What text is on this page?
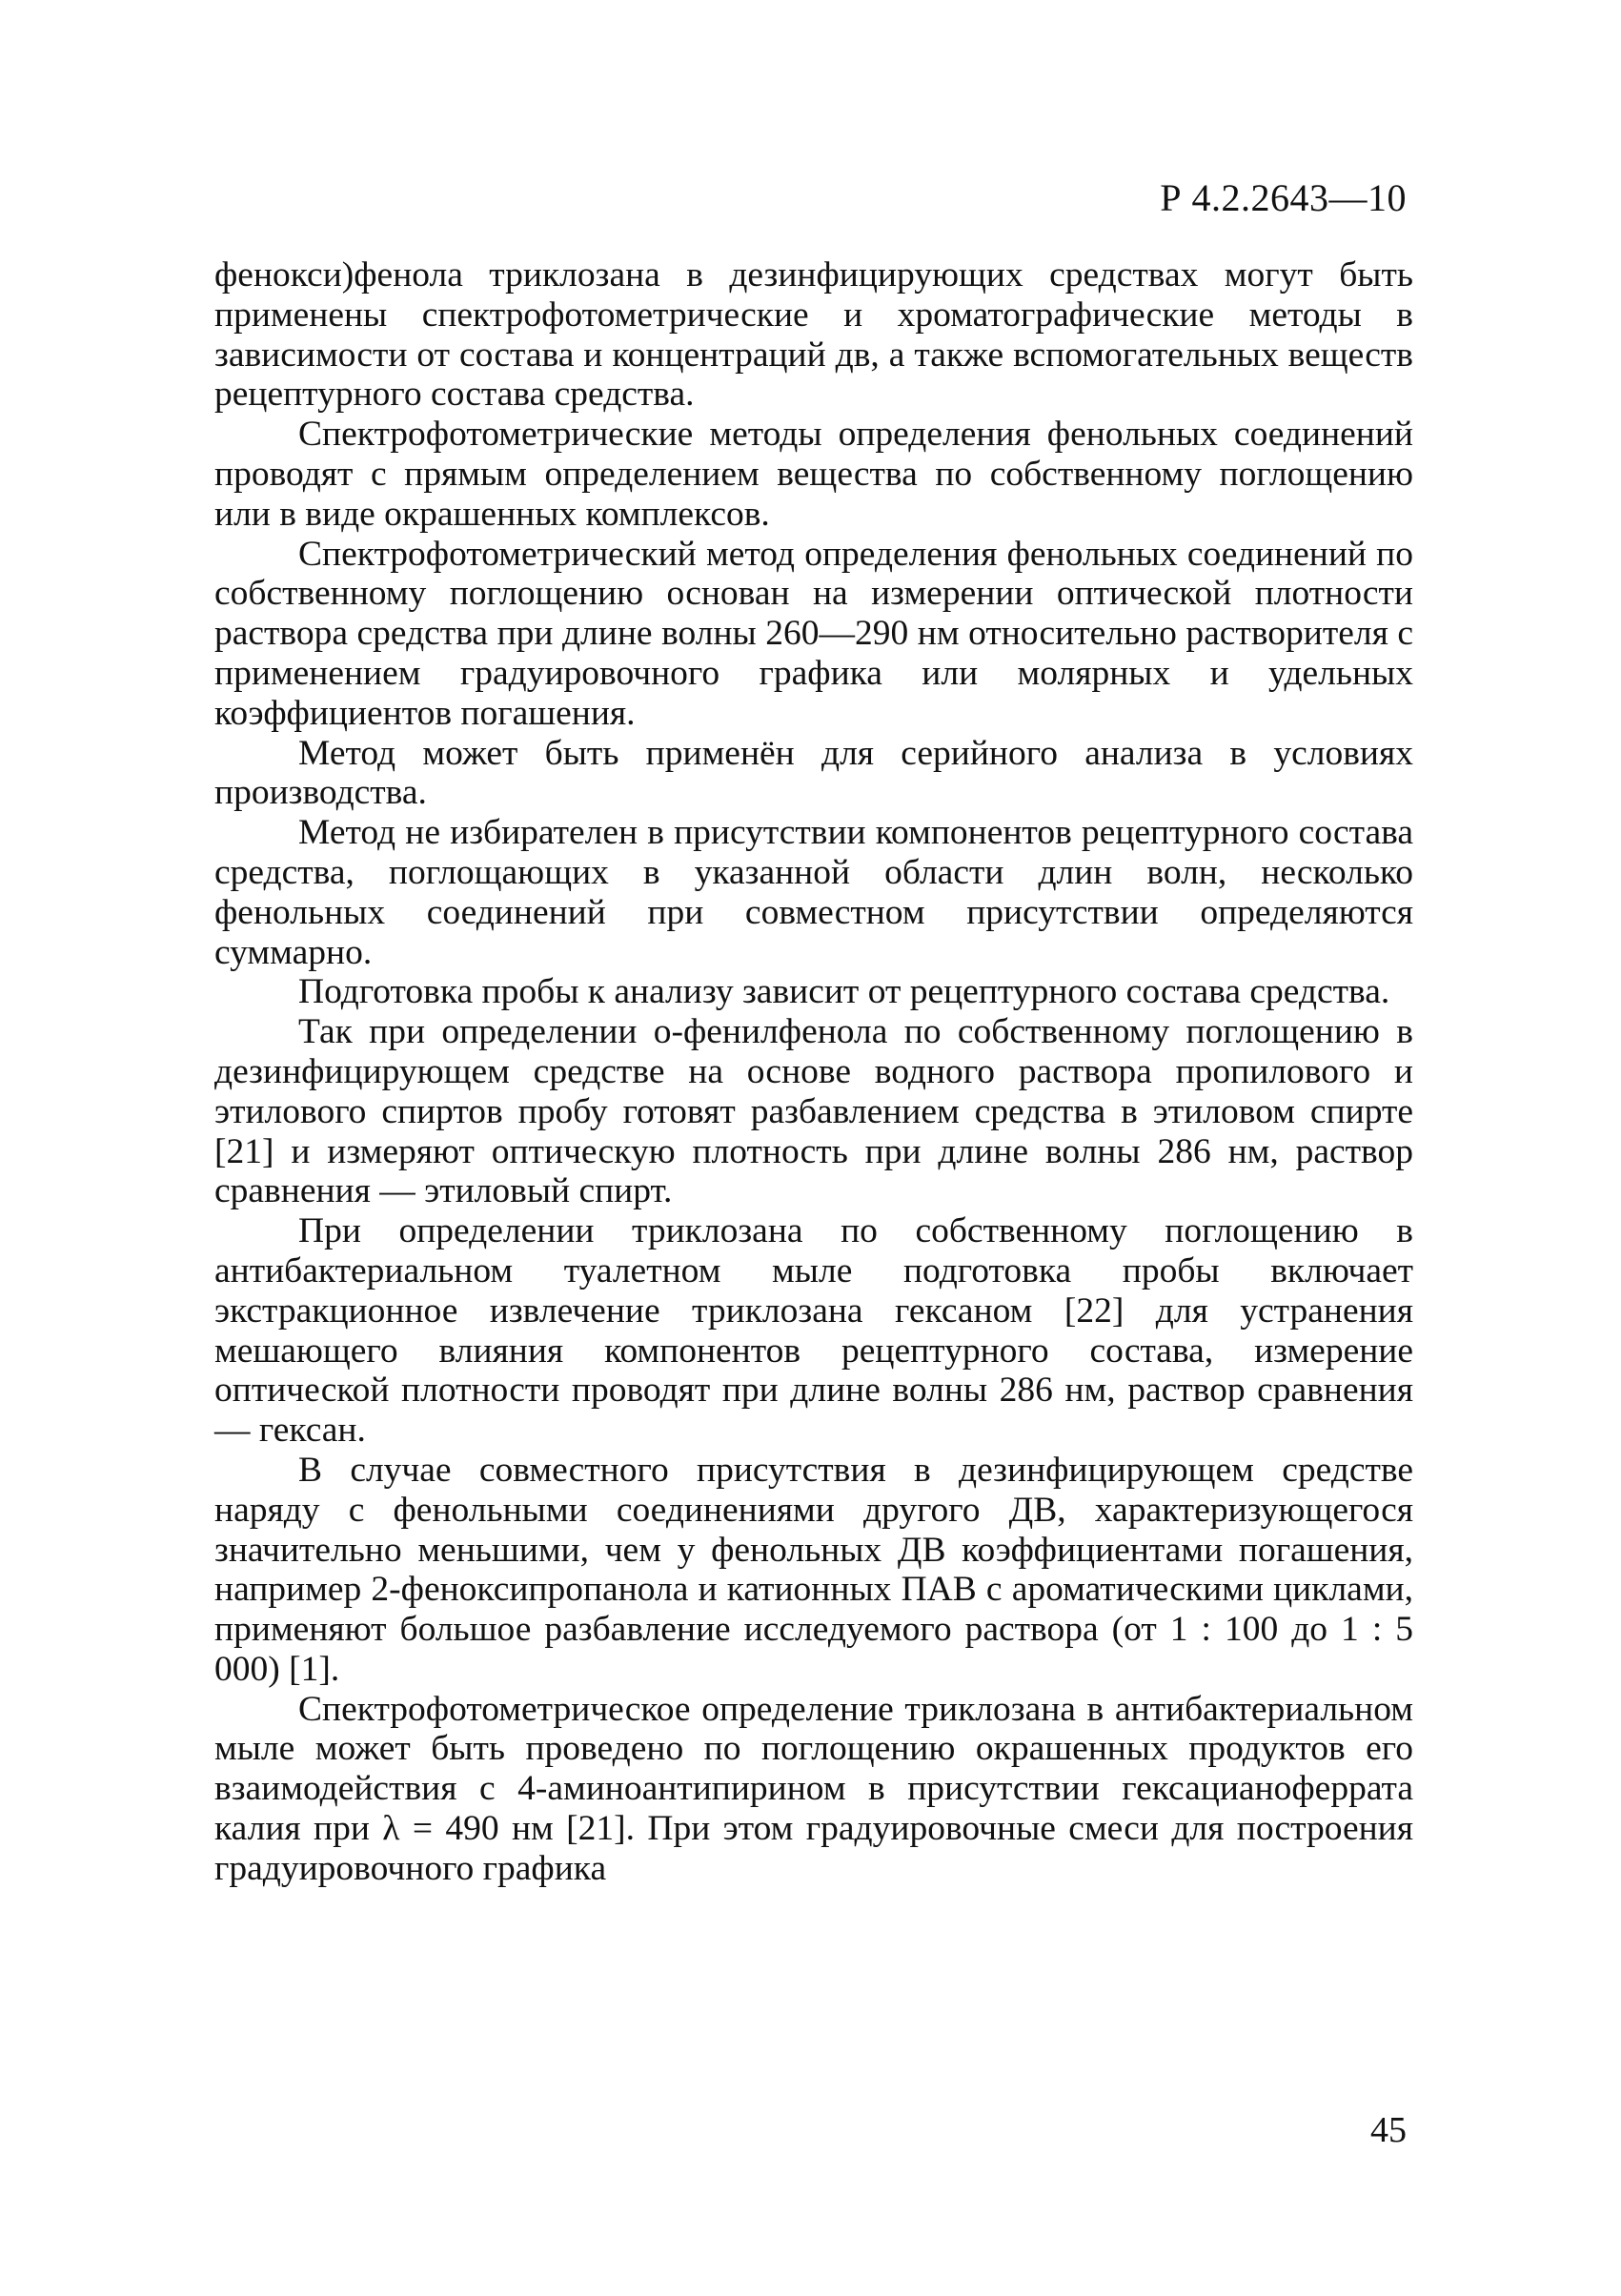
Р 4.2.2643—10

фенокси)фенола триклозана в дезинфицирующих средствах могут быть применены спектрофотометрические и хроматографические методы в зависимости от состава и концентраций дв, а также вспомогательных веществ рецептурного состава средства.

Спектрофотометрические методы определения фенольных соединений проводят с прямым определением вещества по собственному поглощению или в виде окрашенных комплексов.

Спектрофотометрический метод определения фенольных соединений по собственному поглощению основан на измерении оптической плотности раствора средства при длине волны 260—290 нм относительно растворителя с применением градуировочного графика или молярных и удельных коэффициентов погашения.

Метод может быть применён для серийного анализа в условиях производства.

Метод не избирателен в присутствии компонентов рецептурного состава средства, поглощающих в указанной области длин волн, несколько фенольных соединений при совместном присутствии определяются суммарно.

Подготовка пробы к анализу зависит от рецептурного состава средства.

Так при определении о-фенилфенола по собственному поглощению в дезинфицирующем средстве на основе водного раствора пропилового и этилового спиртов пробу готовят разбавлением средства в этиловом спирте [21] и измеряют оптическую плотность при длине волны 286 нм, раствор сравнения — этиловый спирт.

При определении триклозана по собственному поглощению в антибактериальном туалетном мыле подготовка пробы включает экстракционное извлечение триклозана гексаном [22] для устранения мешающего влияния компонентов рецептурного состава, измерение оптической плотности проводят при длине волны 286 нм, раствор сравнения — гексан.

В случае совместного присутствия в дезинфицирующем средстве наряду с фенольными соединениями другого ДВ, характеризующегося значительно меньшими, чем у фенольных ДВ коэффициентами погашения, например 2-феноксипропанола и катионных ПАВ с ароматическими циклами, применяют большое разбавление исследуемого раствора (от 1 : 100 до 1 : 5 000) [1].

Спектрофотометрическое определение триклозана в антибактериальном мыле может быть проведено по поглощению окрашенных продуктов его взаимодействия с 4-аминоантипирином в присутствии гексацианоферрата калия при λ = 490 нм [21]. При этом градуировочные смеси для построения градуировочного графика

45
